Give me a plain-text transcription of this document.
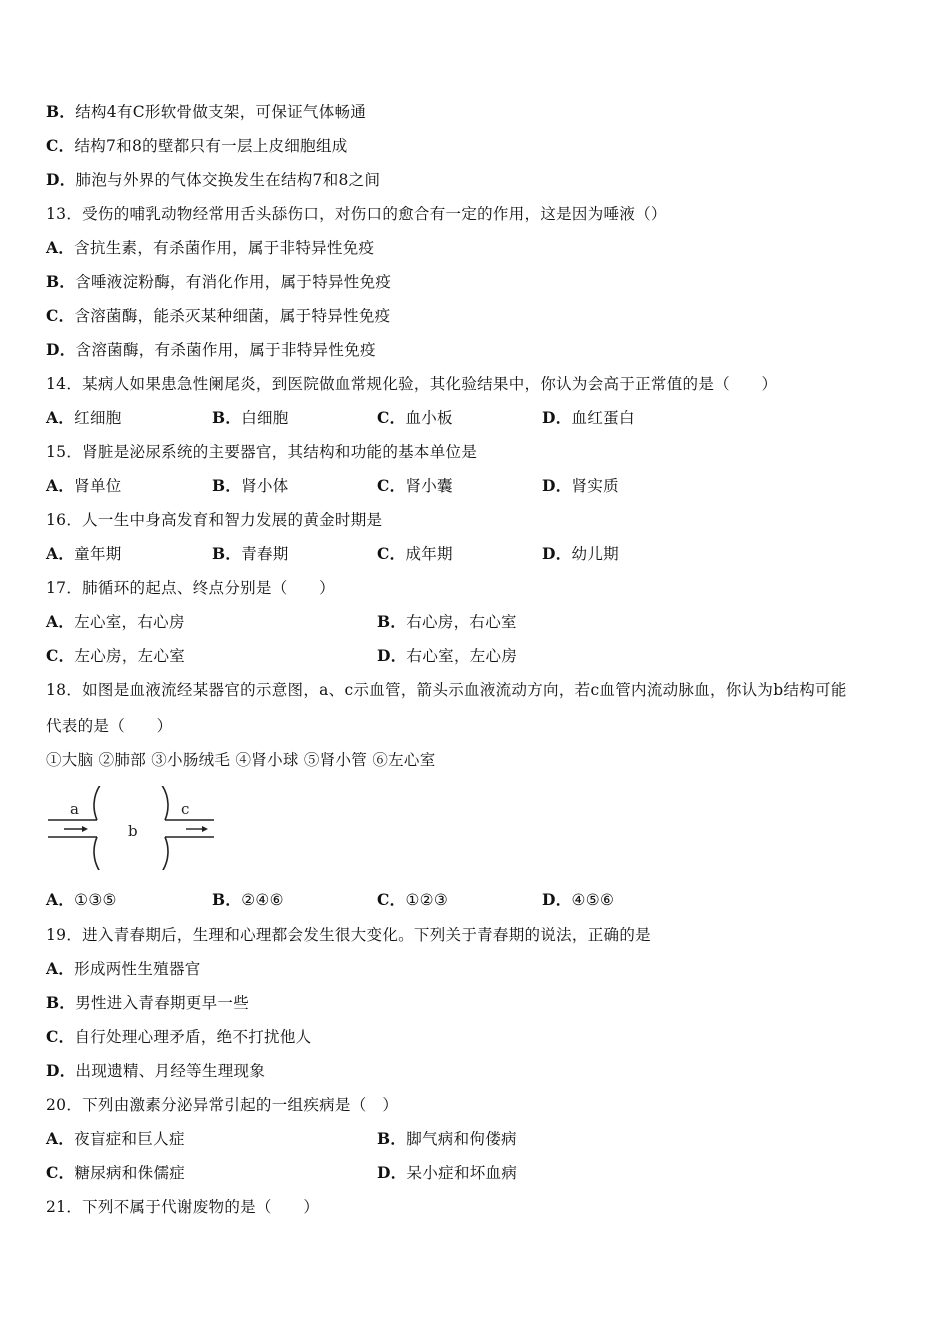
B．结构4有C形软骨做支架，可保证气体畅通
C．结构7和8的壁都只有一层上皮细胞组成
D．肺泡与外界的气体交换发生在结构7和8之间
13．受伤的哺乳动物经常用舌头舔伤口，对伤口的愈合有一定的作用，这是因为唾液（）
A．含抗生素，有杀菌作用，属于非特异性免疫
B．含唾液淀粉酶，有消化作用，属于特异性免疫
C．含溶菌酶，能杀灭某种细菌，属于特异性免疫
D．含溶菌酶，有杀菌作用，属于非特异性免疫
14．某病人如果患急性阑尾炎，到医院做血常规化验，其化验结果中，你认为会高于正常值的是（　　）
A．红细胞	B．白细胞	C．血小板	D．血红蛋白
15．肾脏是泌尿系统的主要器官，其结构和功能的基本单位是
A．肾单位	B．肾小体	C．肾小囊	D．肾实质
16．人一生中身高发育和智力发展的黄金时期是
A．童年期	B．青春期	C．成年期	D．幼儿期
17．肺循环的起点、终点分别是（　　）
A．左心室，右心房	B．右心房，右心室
C．左心房，左心室	D．右心室，左心房
18．如图是血液流经某器官的示意图，a、c示血管，箭头示血液流动方向，若c血管内流动脉血，你认为b结构可能
代表的是（　　）
①大脑 ②肺部 ③小肠绒毛 ④肾小球 ⑤肾小管 ⑥左心室
a
b
c
A．①③⑤	B．②④⑥	C．①②③	D．④⑤⑥
19．进入青春期后，生理和心理都会发生很大变化。下列关于青春期的说法，正确的是
A．形成两性生殖器官
B．男性进入青春期更早一些
C．自行处理心理矛盾，绝不打扰他人
D．出现遗精、月经等生理现象
20．下列由激素分泌异常引起的一组疾病是（　）
A．夜盲症和巨人症	B．脚气病和佝偻病
C．糖尿病和侏儒症	D．呆小症和坏血病
21．下列不属于代谢废物的是（　　）
